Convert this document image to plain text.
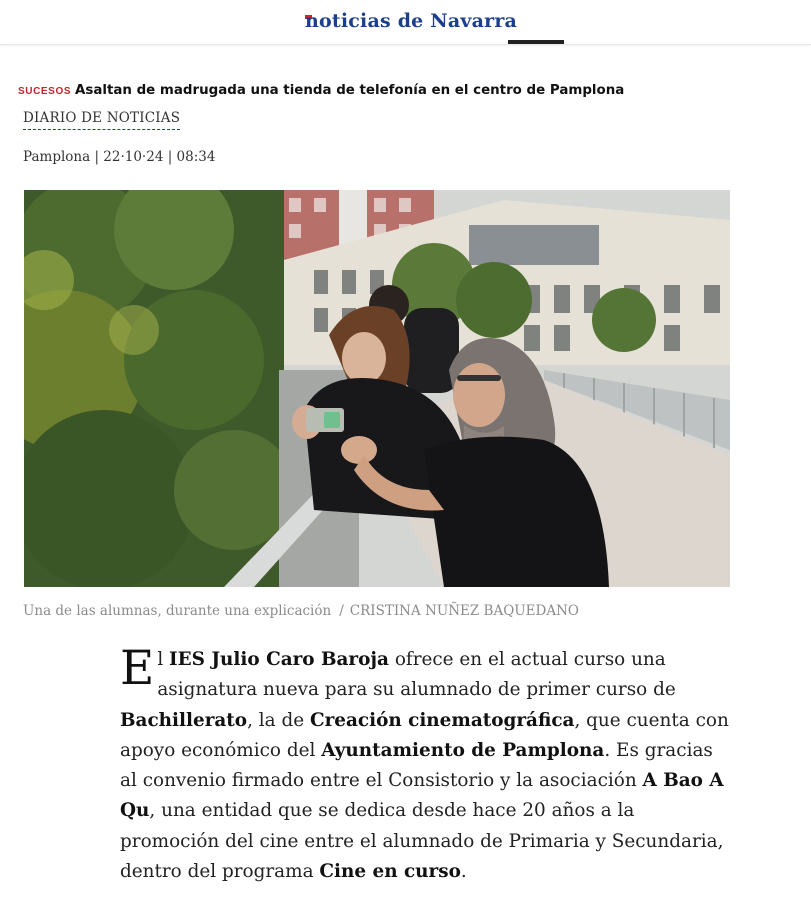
noticias de Navarra
SUCESOS Asaltan de madrugada una tienda de telefonía en el centro de Pamplona
DIARIO DE NOTICIAS
Pamplona | 22·10·24 | 08:34
Una de las alumnas, durante una explicación / CRISTINA NUÑEZ BAQUEDANO

El IES Julio Caro Baroja ofrece en el actual curso una asignatura nueva para su alumnado de primer curso de Bachillerato, la de Creación cinematográfica, que cuenta con apoyo económico del Ayuntamiento de Pamplona. Es gracias al convenio firmado entre el Consistorio y la asociación A Bao A Qu, una entidad que se dedica desde hace 20 años a la promoción del cine entre el alumnado de Primaria y Secundaria, dentro del programa Cine en curso.
